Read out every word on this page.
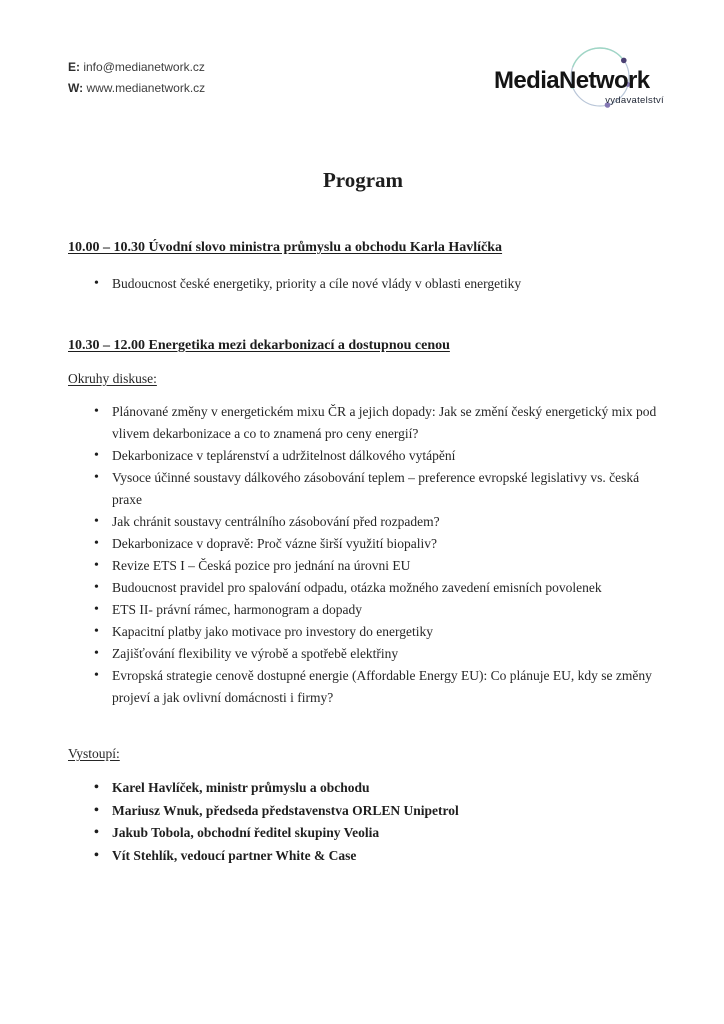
E: info@medianetwork.cz
W: www.medianetwork.cz	MediaNetwork
vydavatelství
Program
10.00 – 10.30 Úvodní slovo ministra průmyslu a obchodu Karla Havlíčka
• Budoucnost české energetiky, priority a cíle nové vlády v oblasti energetiky
10.30 – 12.00 Energetika mezi dekarbonizací a dostupnou cenou
Okruhy diskuse:
• Plánované změny v energetickém mixu ČR a jejich dopady: Jak se změní český energetický mix pod vlivem dekarbonizace a co to znamená pro ceny energií?
• Dekarbonizace v teplárenství a udržitelnost dálkového vytápění
• Vysoce účinné soustavy dálkového zásobování teplem – preference evropské legislativy vs. česká praxe
• Jak chránit soustavy centrálního zásobování před rozpadem?
• Dekarbonizace v dopravě: Proč vázne širší využití biopaliv?
• Revize ETS I – Česká pozice pro jednání na úrovni EU
• Budoucnost pravidel pro spalování odpadu, otázka možného zavedení emisních povolenek
• ETS II- právní rámec, harmonogram a dopady
• Kapacitní platby jako motivace pro investory do energetiky
• Zajišťování flexibility ve výrobě a spotřebě elektřiny
• Evropská strategie cenově dostupné energie (Affordable Energy EU): Co plánuje EU, kdy se změny projeví a jak ovlivní domácnosti i firmy?
Vystoupí:
• Karel Havlíček, ministr průmyslu a obchodu
• Mariusz Wnuk, předseda představenstva ORLEN Unipetrol
• Jakub Tobola, obchodní ředitel skupiny Veolia
• Vít Stehlík, vedoucí partner White & Case
